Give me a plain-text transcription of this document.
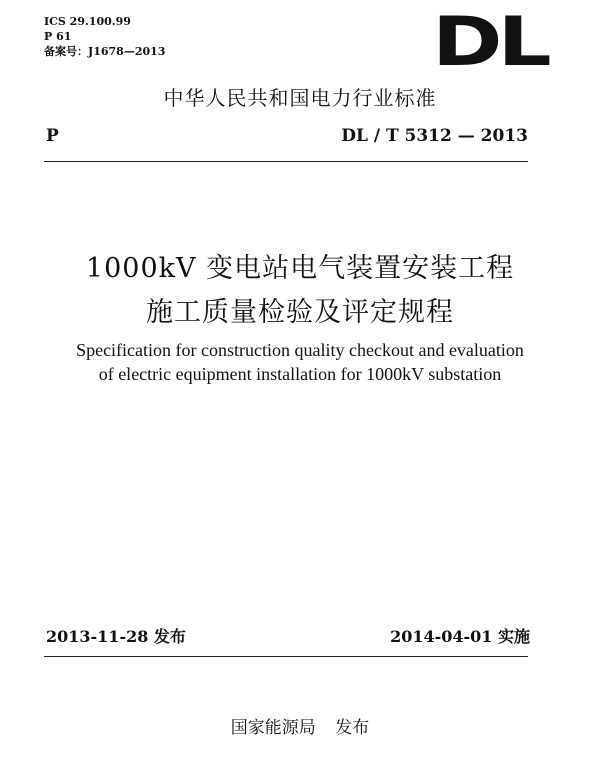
ICS 29.100.99
P 61
备案号：J1678—2013	DL
中华人民共和国电力行业标准
P	DL / T 5312 — 2013
1000kV 变电站电气装置安装工程
施工质量检验及评定规程
Specification for construction quality checkout and evaluation
of electric equipment installation for 1000kV substation
2013-11-28 发布	2014-04-01 实施
国家能源局 发布
